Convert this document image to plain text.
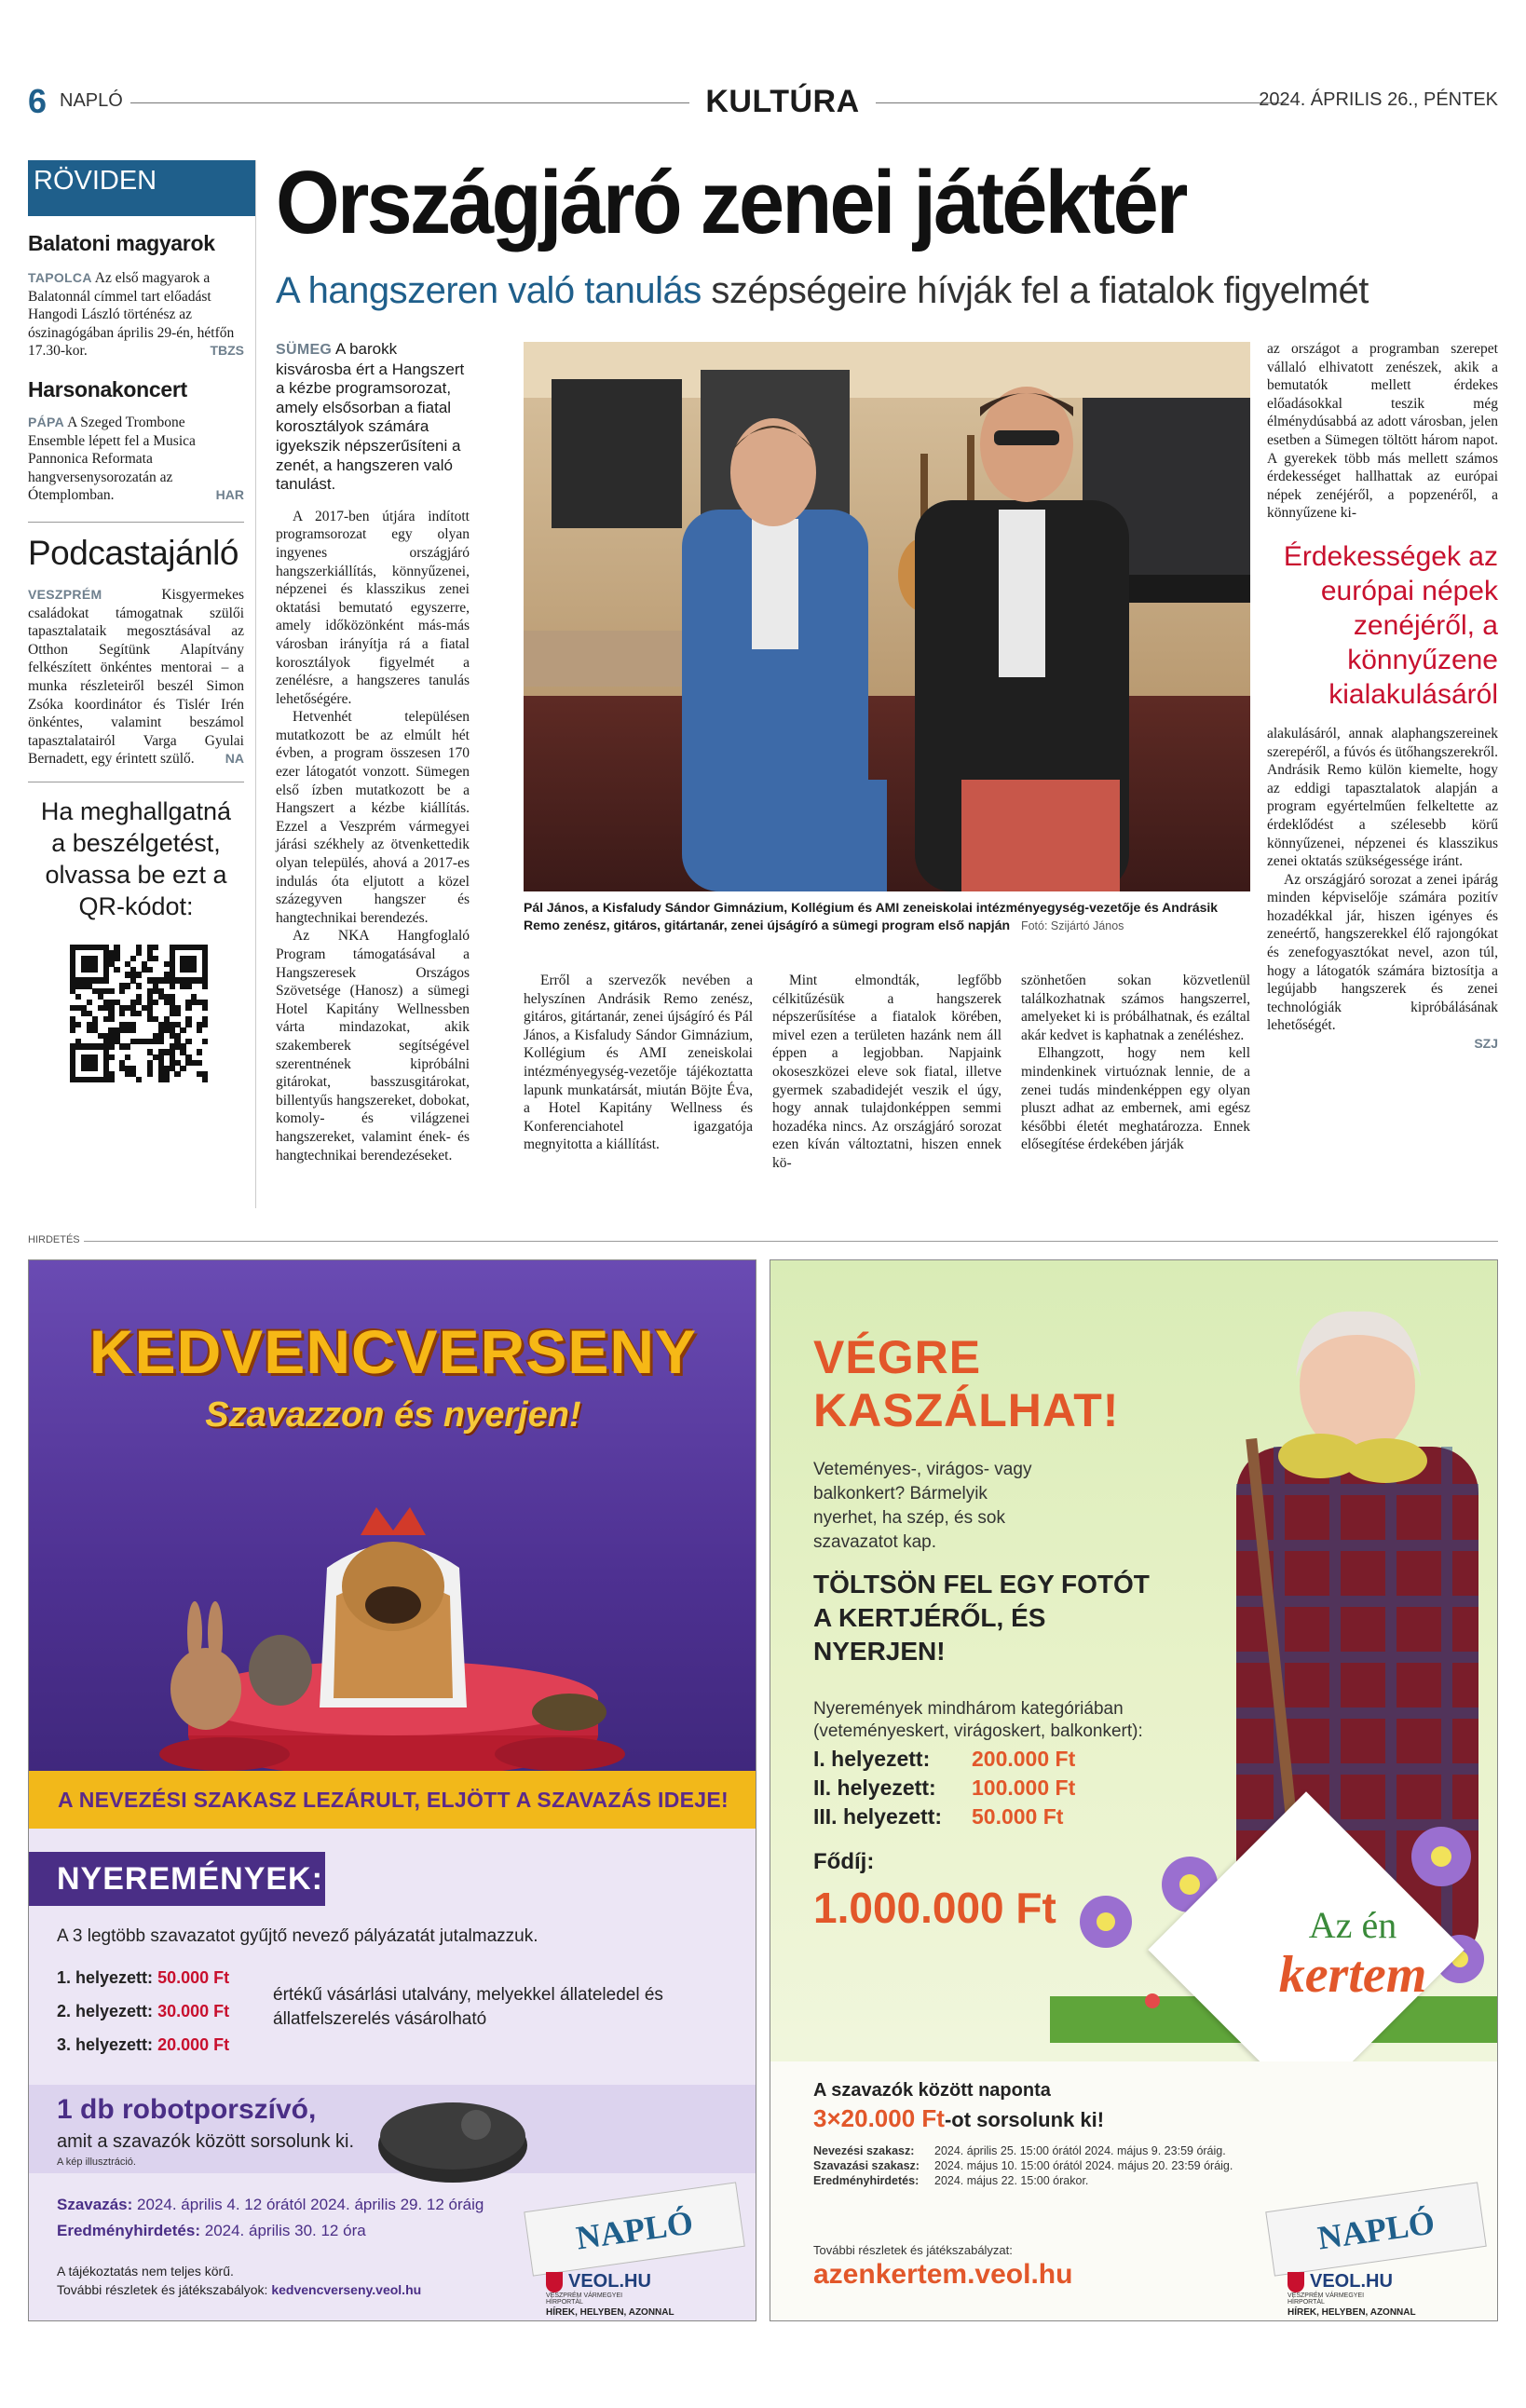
6 NAPLÓ	KULTÚRA	2024. ÁPRILIS 26., PÉNTEK
RÖVIDEN
Balatoni magyarok
TAPOLCA Az első magyarok a Balatonnál címmel tart előadást Hangodi László történész az ószinagógában április 29-én, hétfőn 17.30-kor.	TBZS
Harsonakoncert
PÁPA A Szeged Trombone Ensemble lépett fel a Musica Pannonica Reformata hangversenysorozatán az Ótemplomban.	HAR
Podcastajánló
VESZPRÉM	Kisgyermekes családokat támogatnak szülői tapasztalataik megosztásával az Otthon Segítünk Alapítvány felkészített önkéntes mentorai – a munka részleteiről beszél Simon Zsóka koordinátor és Tislér Irén önkéntes, valamint beszámol tapasztalatairól Varga Gyulai Bernadett, egy érintett szülő. NA
Ha meghallgatná a beszélgetést, olvassa be ezt a QR-kódot:
Országjáró zenei játéktér
A hangszeren való tanulás szépségeire hívják fel a fiatalok figyelmét

SÜMEG A barokk kisvárosba ért a Hangszert a kézbe programsorozat, amely elsősorban a fiatal korosztályok számára igyekszik népszerűsíteni a zenét, a hangszeren való tanulást.

A 2017-ben útjára indított programsorozat egy olyan ingyenes országjáró hangszerkiállítás, könnyűzenei, népzenei és klasszikus zenei oktatási bemutató egyszerre, amely időközönként más-más városban irányítja rá a fiatal korosztályok figyelmét a zenélésre, a hangszeres tanulás lehetőségére.

Hetvenhét településen mutatkozott be az elmúlt hét évben, a program összesen 170 ezer látogatót vonzott. Sümegen első ízben mutatkozott be a Hangszert a kézbe kiállítás. Ezzel a Veszprém vármegyei járási székhely az ötvenkettedik olyan település, ahová a 2017-es indulás óta eljutott a közel százegyven hangszer és hangtechnikai berendezés.

Az NKA Hangfoglaló Program támogatásával a Hangszeresek Országos Szövetsége (Hanosz) a sümegi Hotel Kapitány Wellnessben várta mindazokat, akik szakemberek segítségével szerentnének kipróbálni gitárokat, basszusgitárokat, billentyűs hangszereket, dobokat, komoly- és világzenei hangszereket, valamint ének- és hangtechnikai berendezéseket.

Pál János, a Kisfaludy Sándor Gimnázium, Kollégium és AMI zeneiskolai intézményegység-vezetője és Andrásik Remo zenész, gitáros, gitártanár, zenei újságíró a sümegi program első napján Fotó: Szijártó János

Erről a szervezők nevében a helyszínen Andrásik Remo zenész, gitáros, gitártanár, zenei újságíró és Pál János, a Kisfaludy Sándor Gimnázium, Kollégium és AMI zeneiskolai intézményegység-vezetője tájékoztatta lapunk munkatársát, miután Böjte Éva, a Hotel Kapitány Wellness és Konferenciahotel igazgatója megnyitotta a kiállítást.

Mint elmondták, legfőbb célkitűzésük a hangszerek népszerűsítése a fiatalok körében, mivel ezen a területen hazánk nem áll éppen a legjobban. Napjaink okoseszközei eleve sok fiatal, illetve gyermek szabadidejét veszik el úgy, hogy annak tulajdonképpen semmi hozadéka nincs. Az országjáró sorozat ezen kíván változtatni, hiszen ennek kö-

szönhetően sokan közvetlenül találkozhatnak számos hangszerrel, amelyeket ki is próbálhatnak, és ezáltal akár kedvet is kaphatnak a zenéléshez.

Elhangzott, hogy nem kell mindenkinek virtuóznak lennie, de a zenei tudás mindenképpen egy olyan pluszt adhat az embernek, ami egész későbbi életét meghatározza. Ennek elősegítése érdekében járják

az országot a programban szerepet vállaló elhivatott zenészek, akik a bemutatók mellett érdekes előadásokkal teszik még élménydúsabbá az adott városban, jelen esetben a Sümegen töltött három napot. A gyerekek több más mellett számos érdekességet hallhattak az európai népek zenéjéről, a popzenéről, a könnyűzene ki-

Érdekességek az európai népek zenéjéről, a könnyűzene kialakulásáról

alakulásáról, annak alaphangszereinek szerepéről, a fúvós és ütőhangszerekről. Andrásik Remo külön kiemelte, hogy az eddigi tapasztalatok alapján a program egyértelműen felkeltette az érdeklődést a szélesebb körű könnyűzenei, népzenei és klasszikus zenei oktatás szükségessége iránt.

Az országjáró sorozat a zenei ipárág minden képviselője számára pozitív hozadékkal jár, hiszen igényes és zeneértő, hangszerekkel élő rajongókat és zenefogyasztókat nevel, azon túl, hogy a látogatók számára biztosítja a legújabb hangszerek és zenei technológiák kipróbálásának lehetőségét.

SZJ
HIRDETÉS
KEDVENCVERSENY
Szavazzon és nyerjen!
A NEVEZÉSI SZAKASZ LEZÁRULT, ELJÖTT A SZAVAZÁS IDEJE!
NYEREMÉNYEK:
A 3 legtöbb szavazatot gyűjtő nevező pályázatát jutalmazzuk.
1. helyezett: 50.000 Ft
2. helyezett: 30.000 Ft
3. helyezett: 20.000 Ft
értékű vásárlási utalvány, melyekkel állateledel és állatfelszerelés vásárolható
1 db robotporszívó,
amit a szavazók között sorsolunk ki.
A kép illusztráció.
Szavazás: 2024. április 4. 12 órától 2024. április 29. 12 óráig
Eredményhirdetés: 2024. április 30. 12 óra
A tájékoztatás nem teljes körű.
További részletek és játékszabályok: kedvencverseny.veol.hu
NAPLÓ
VEOL.HU
VESZPRÉM VÁRMEGYEI HÍRPORTÁL
HÍREK, HELYBEN, AZONNAL
VÉGRE
KASZÁLHAT!
Veteményes-, virágos- vagy balkonkert? Bármelyik nyerhet, ha szép, és sok szavazatot kap.
TÖLTSÖN FEL EGY FOTÓT A KERTJÉRŐL, ÉS NYERJEN!
Nyeremények mindhárom kategóriában (veteményeskert, virágoskert, balkonkert):
I. helyezett: 200.000 Ft
II. helyezett: 100.000 Ft
III. helyezett: 50.000 Ft
Fődíj:
1.000.000 Ft	Az én
kertem
A szavazók között naponta
3×20.000 Ft-ot sorsolunk ki!
Nevezési szakasz: 2024. április 25. 15:00 órától 2024. május 9. 23:59 óráig.
Szavazási szakasz: 2024. május 10. 15:00 órától 2024. május 20. 23:59 óráig.
Eredményhirdetés: 2024. május 22. 15:00 órakor.
További részletek és játékszabályzat:
azenkertem.veol.hu
NAPLÓ
VEOL.HU
VESZPRÉM VÁRMEGYEI HÍRPORTÁL
HÍREK, HELYBEN, AZONNAL
